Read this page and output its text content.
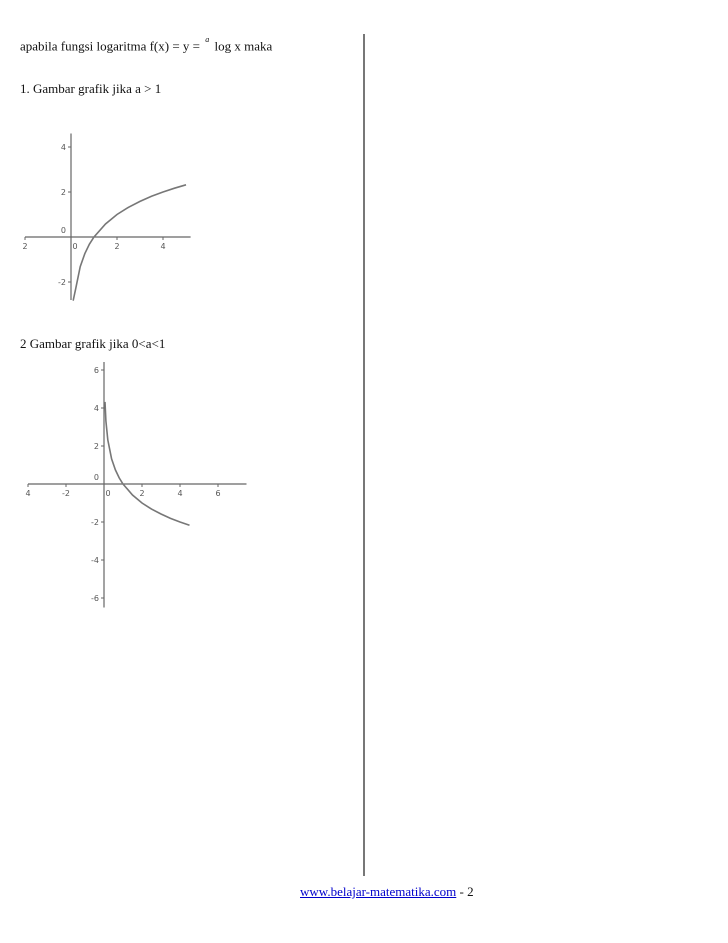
apabila fungsi logaritma f(x) = y = $^a$ log x maka
1. Gambar grafik jika a > 1
2	0	2	4
4
2
0
-2
2 Gambar grafik jika 0<a<1
4	-2	0	2	4	6
6
4
2
0
-2
-4
-6
www.belajar-matematika.com - 2
